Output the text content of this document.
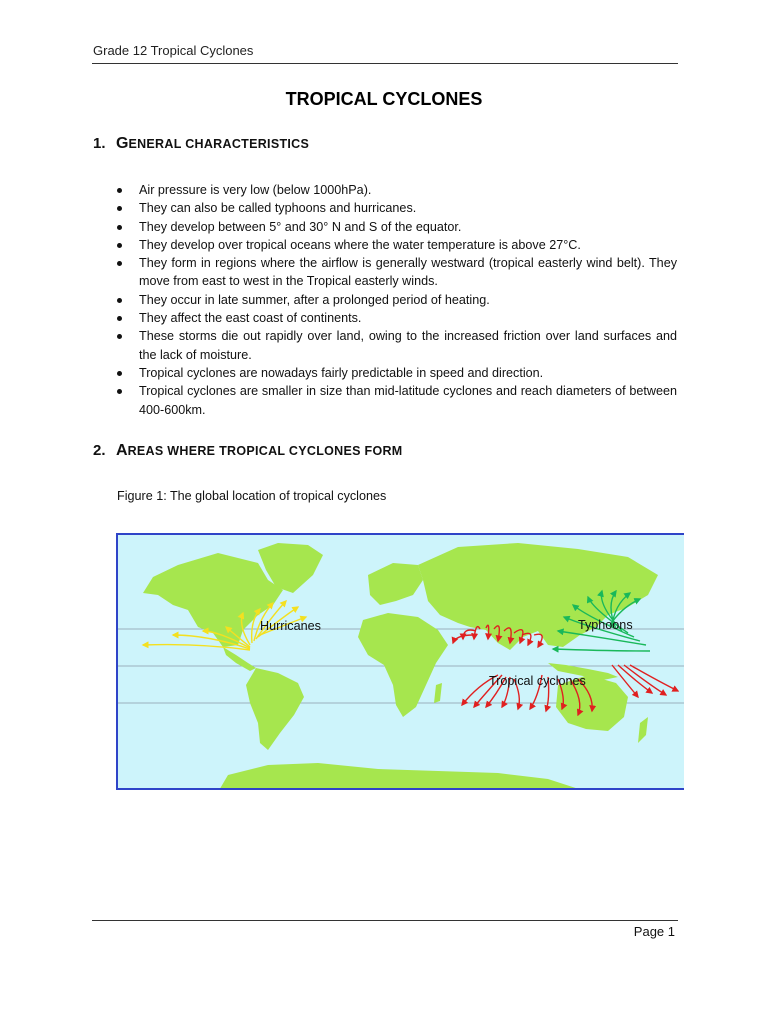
Grade 12 Tropical Cyclones
TROPICAL CYCLONES
1. GENERAL CHARACTERISTICS
Air pressure is very low (below 1000hPa).
They can also be called typhoons and hurricanes.
They develop between 5° and 30° N and S of the equator.
They develop over tropical oceans where the water temperature is above 27°C.
They form in regions where the airflow is generally westward (tropical easterly wind belt). They move from east to west in the Tropical easterly winds.
They occur in late summer, after a prolonged period of heating.
They affect the east coast of continents.
These storms die out rapidly over land, owing to the increased friction over land surfaces and the lack of moisture.
Tropical cyclones are nowadays fairly predictable in speed and direction.
Tropical cyclones are smaller in size than mid-latitude cyclones and reach diameters of between 400-600km.
2. AREAS WHERE TROPICAL CYCLONES FORM
Figure 1: The global location of tropical cyclones
Hurricanes	Typhoons
Tropical cyclones
Page 1
